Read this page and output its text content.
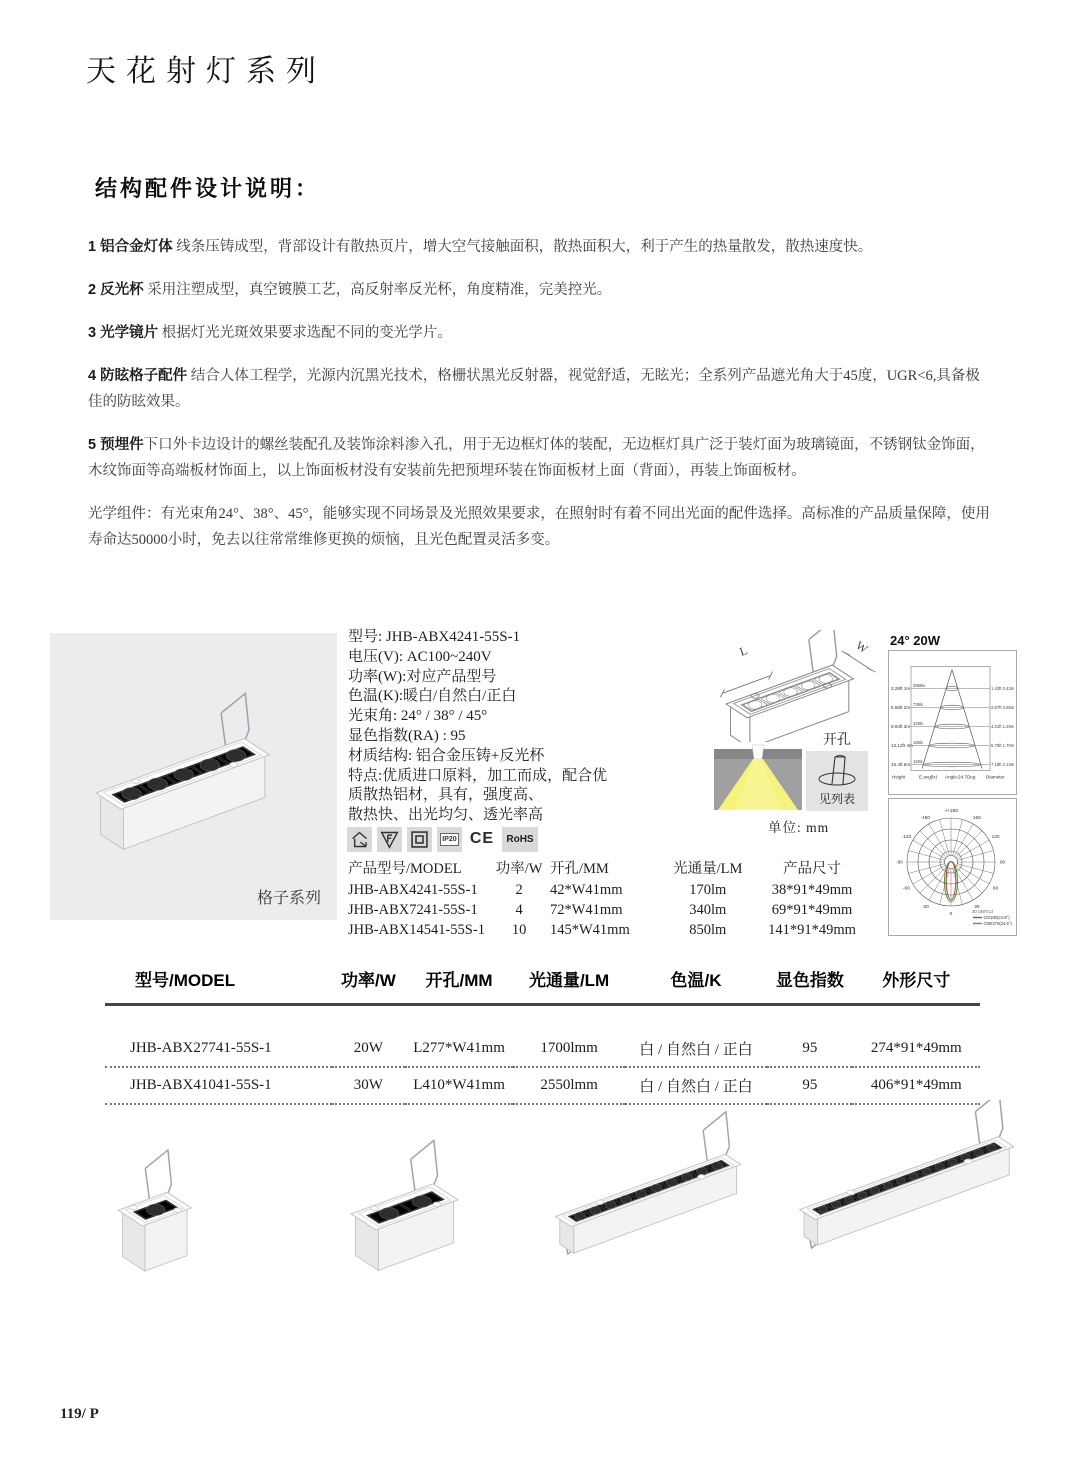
天花射灯系列
结构配件设计说明：

1 铝合金灯体 线条压铸成型，背部设计有散热页片，增大空气接触面积，散热面积大，利于产生的热量散发，散热速度快。

2 反光杯 采用注塑成型，真空镀膜工艺，高反射率反光杯，角度精准，完美控光。

3 光学镜片 根据灯光光斑效果要求选配不同的变光学片。

4 防眩格子配件 结合人体工程学，光源内沉黑光技术，格栅状黑光反射器，视觉舒适，无眩光；全系列产品遮光角大于45度，UGR<6,具备极佳的防眩效果。

5 预埋件下口外卡边设计的螺丝装配孔及装饰涂料渗入孔，用于无边框灯体的装配，无边框灯具广泛于装灯面为玻璃镜面，不锈钢钛金饰面，木纹饰面等高端板材饰面上，以上饰面板材没有安装前先把预埋环装在饰面板材上面（背面），再装上饰面板材。

光学组件：有光束角24°、38°、45°，能够实现不同场景及光照效果要求，在照射时有着不同出光面的配件选择。高标准的产品质量保障，使用寿命达50000小时，免去以往常常维修更换的烦恼，且光色配置灵活多变。

格子系列
型号: JHB-ABX4241-55S-1
电压(V): AC100~240V
功率(W):对应产品型号
色温(K):暖白/自然白/正白
光束角: 24° / 38° / 45°
显色指数(RA) : 95
材质结构: 铝合金压铸+反光杯
特点:优质进口原料，加工而成，配合优
质散热铝材，具有，强度高、
散热快、出光均匀、透光率高
IP20 CE RoHS
产品型号/MODEL	功率/W	开孔/MM	光通量/LM	产品尺寸
JHB-ABX4241-55S-1	2	42*W41mm	170lm	38*91*49mm
JHB-ABX7241-55S-1	4	72*W41mm	340lm	69*91*49mm
JHB-ABX14541-55S-1	10	145*W41mm	850lm	141*91*49mm
L	W
开孔
见列表
单位: mm
24° 20W
3.28ft 1m
2956lx
1.43ft 0.43m
6.56ft 2m
739lx
2.87ft 0.85m
9.84ft 3m
328lx
4.31ft 1.28m
13.12ft 4m
185lx
5.75ft 1.70m
16.4ft 5m
118lx
7.18ft 2.13m
Height	E.avg(lx) Angle:24.7Deg Diameter
-/+180
150
-150
120
-120
90
-90
60
-60
30
-30
0
30 UNIT:cd
C0/180(24.8°)
C90/270(24.6°)
型号/MODEL	功率/W	开孔/MM	光通量/LM	色温/K	显色指数	外形尺寸
JHB-ABX27741-55S-1	20W	L277*W41mm	1700lmm	白 / 自然白 / 正白	95	274*91*49mm
JHB-ABX41041-55S-1	30W	L410*W41mm	2550lmm	白 / 自然白 / 正白	95	406*91*49mm
119/ P
